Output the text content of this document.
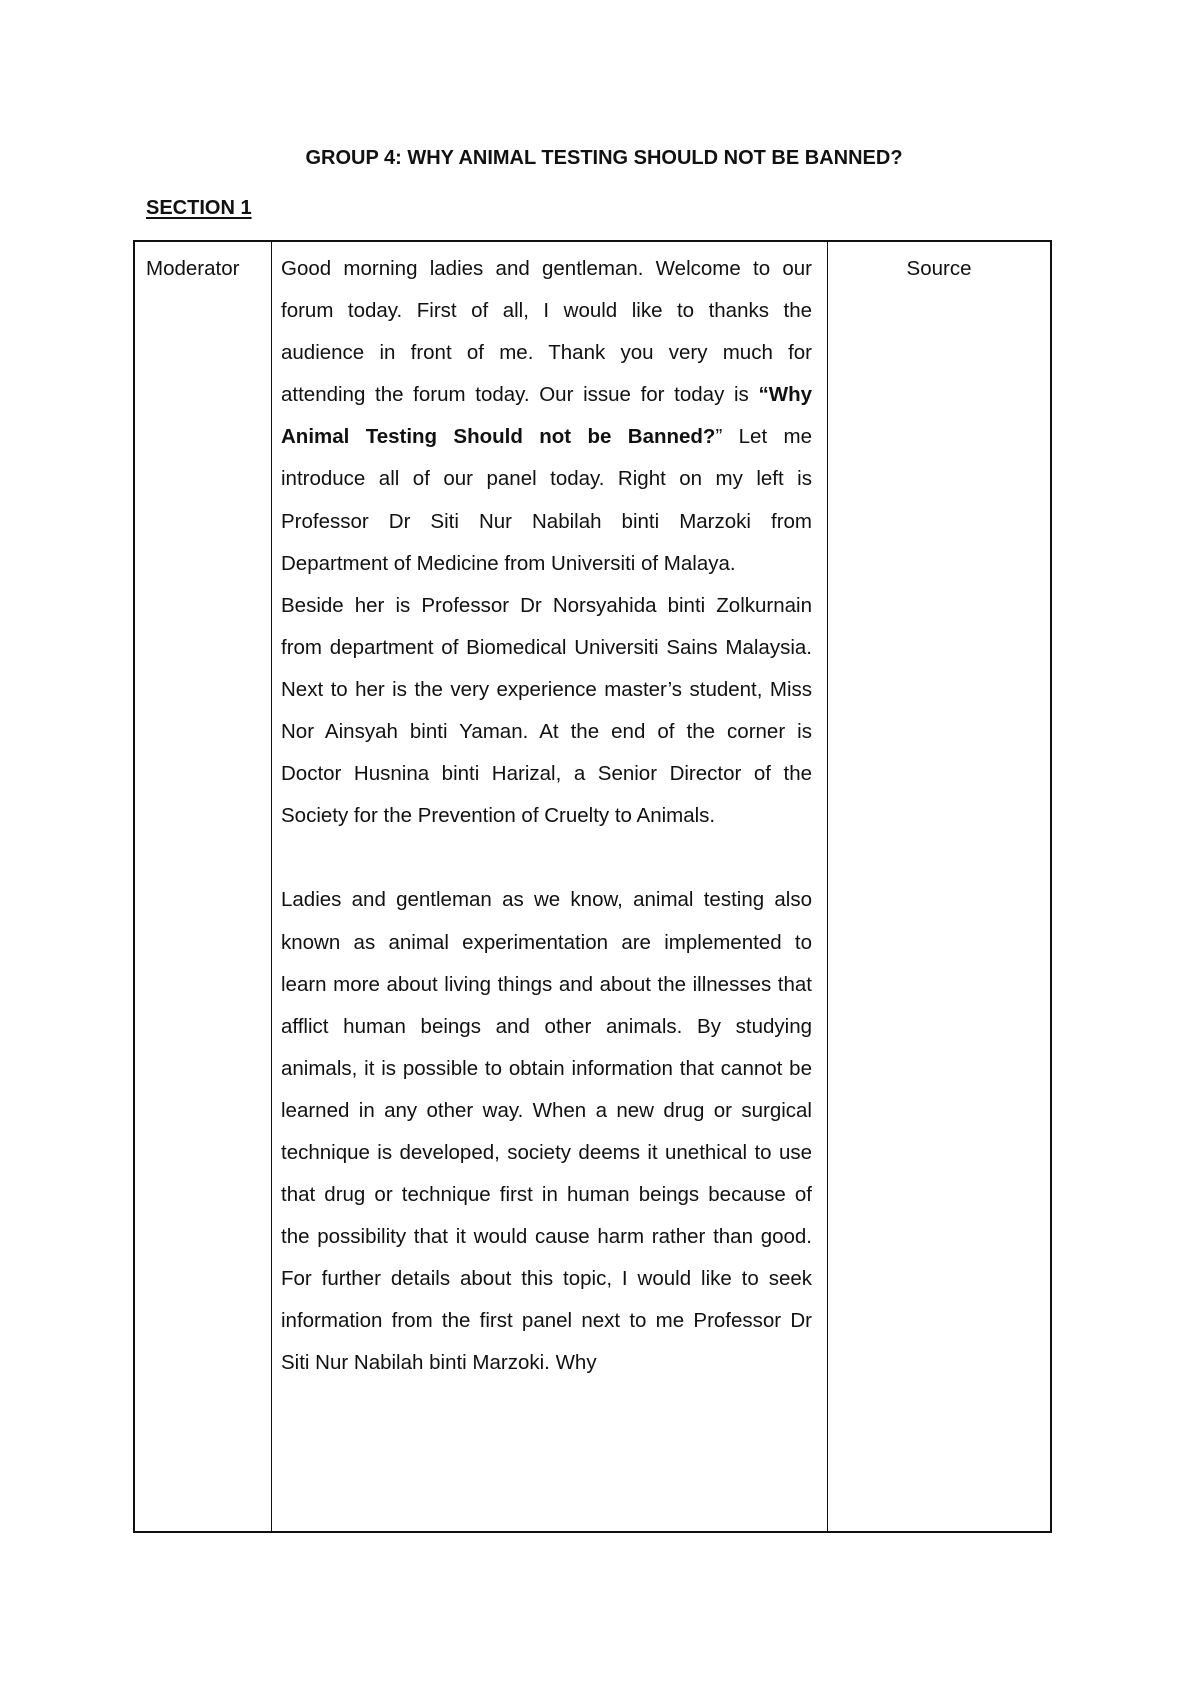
GROUP 4: WHY ANIMAL TESTING SHOULD NOT BE BANNED?
SECTION 1
Moderator	Source

Good morning ladies and gentleman. Welcome to our forum today. First of all, I would like to thanks the audience in front of me. Thank you very much for attending the forum today. Our issue for today is “Why Animal Testing Should not be Banned?” Let me introduce all of our panel today. Right on my left is Professor Dr Siti Nur Nabilah binti Marzoki from Department of Medicine from Universiti of Malaya.

Beside her is Professor Dr Norsyahida binti Zolkurnain from department of Biomedical Universiti Sains Malaysia. Next to her is the very experience master’s student, Miss Nor Ainsyah binti Yaman. At the end of the corner is Doctor Husnina binti Harizal, a Senior Director of the Society for the Prevention of Cruelty to Animals.

Ladies and gentleman as we know, animal testing also known as animal experimentation are implemented to learn more about living things and about the illnesses that afflict human beings and other animals. By studying animals, it is possible to obtain information that cannot be learned in any other way. When a new drug or surgical technique is developed, society deems it unethical to use that drug or technique first in human beings because of the possibility that it would cause harm rather than good. For further details about this topic, I would like to seek information from the first panel next to me Professor Dr Siti Nur Nabilah binti Marzoki. Why
